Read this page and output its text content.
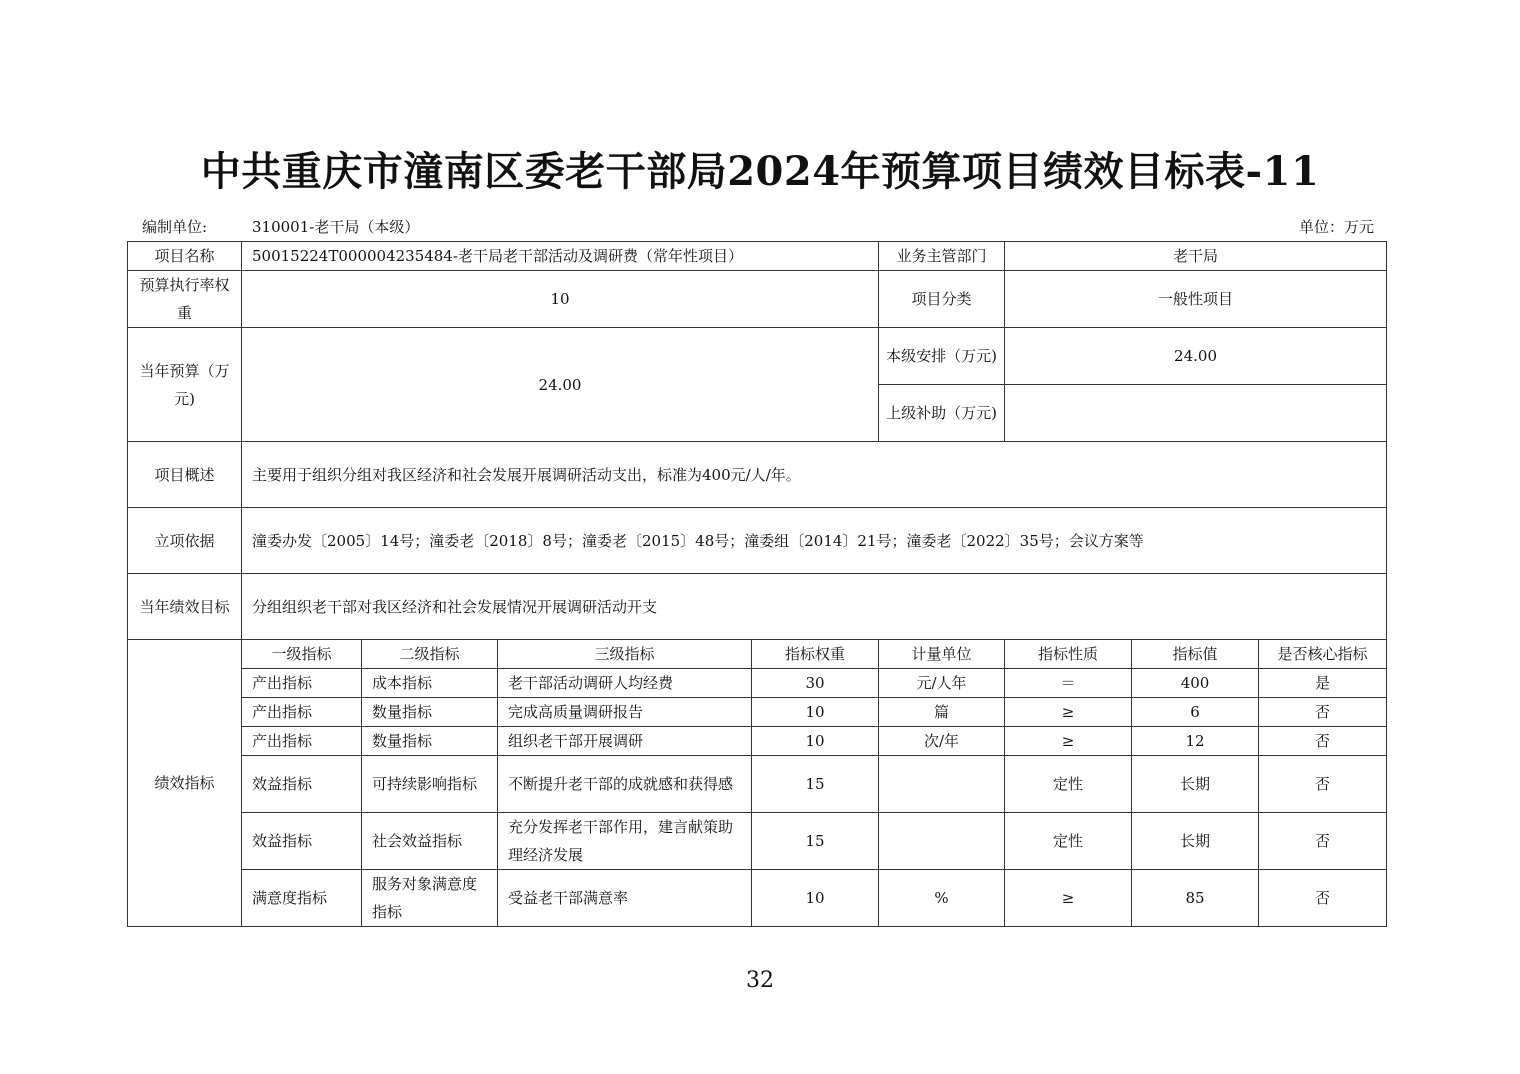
中共重庆市潼南区委老干部局2024年预算项目绩效目标表-11
编制单位:	310001-老干局（本级）	单位：万元
项目名称	50015224T000004235484-老干局老干部活动及调研费（常年性项目）				业务主管部门	老干局		
预算执行率权重	10				项目分类	一般性项目		
当年预算（万元)	24.00				本级安排（万元)	24.00		
					上级补助（万元)			
项目概述	主要用于组织分组对我区经济和社会发展开展调研活动支出，标准为400元/人/年。							
立项依据	潼委办发〔2005〕14号；潼委老〔2018〕8号；潼委老〔2015〕48号；潼委组〔2014〕21号；潼委老〔2022〕35号；会议方案等							
当年绩效目标	分组组织老干部对我区经济和社会发展情况开展调研活动开支							
绩效指标	一级指标	二级指标	三级指标	指标权重	计量单位	指标性质	指标值	是否核心指标
	产出指标	成本指标	老干部活动调研人均经费	30	元/人年	＝	400	是
	产出指标	数量指标	完成高质量调研报告	10	篇	≥	6	否
	产出指标	数量指标	组织老干部开展调研	10	次/年	≥	12	否
	效益指标	可持续影响指标	不断提升老干部的成就感和获得感	15		定性	长期	否
	效益指标	社会效益指标	充分发挥老干部作用，建言献策助理经济发展	15		定性	长期	否
	满意度指标	服务对象满意度指标	受益老干部满意率	10	%	≥	85	否
32
